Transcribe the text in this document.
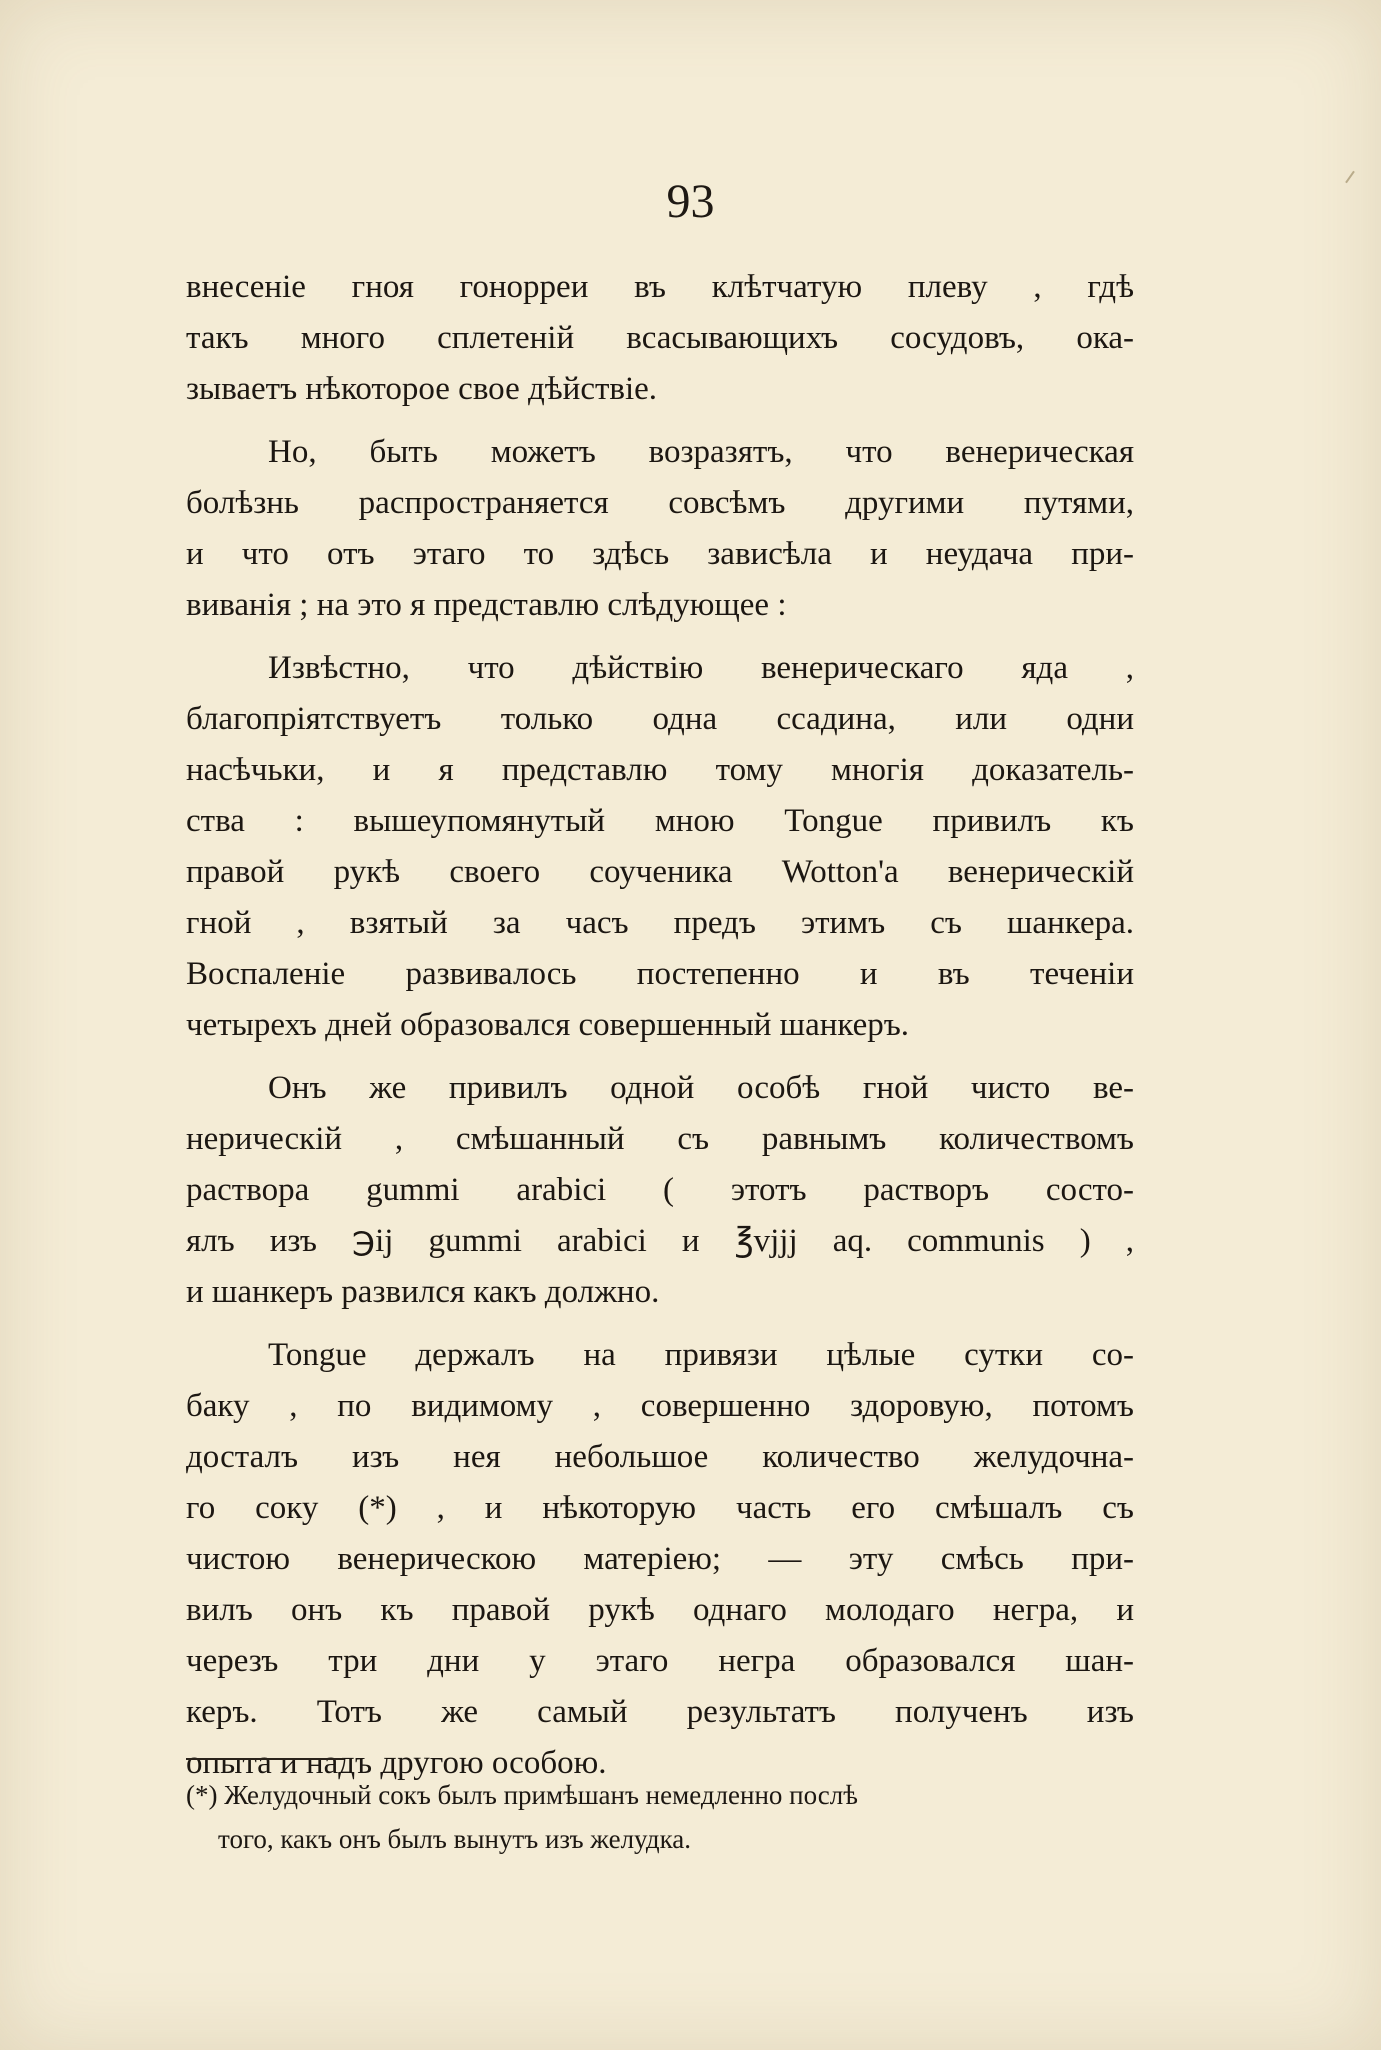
93

внесеніе гноя гонорреи въ клѣтчатую плеву , гдѣ
такъ много сплетеній всасывающихъ сосудовъ, ока-
зываетъ нѣкоторое свое дѣйствіе.

Но, быть можетъ возразятъ, что венерическая
болѣзнь распространяется совсѣмъ другими путями,
и что отъ этаго то здѣсь зависѣла и неудача при-
виванія ; на это я представлю слѣдующее :

Извѣстно, что дѣйствію венерическаго яда ,
благопріятствуетъ только одна ссадина, или одни
насѣчьки, и я представлю тому многія доказатель-
ства : вышеупомянутый мною Tongue привилъ къ
правой рукѣ своего соученика Wotton'а венерическій
гной , взятый за часъ предъ этимъ съ шанкера.
Воспаленіе развивалось постепенно и въ теченіи
четырехъ дней образовался совершенный шанкеръ.

Онъ же привилъ одной особѣ гной чисто ве-
нерическій , смѣшанный съ равнымъ количествомъ
раствора gummi arabici ( этотъ растворъ состо-
ялъ изъ ℈ij gummi arabici и ℥vjjj aq. communis ) ,
и шанкеръ развился какъ должно.

Tongue держалъ на привязи цѣлые сутки со-
баку , по видимому , совершенно здоровую, потомъ
досталъ изъ нея небольшое количество желудочна-
го соку (*) , и нѣкоторую часть его смѣшалъ съ
чистою венерическою матеріею; — эту смѣсь при-
вилъ онъ къ правой рукѣ однаго молодаго негра, и
черезъ три дни у этаго негра образовался шан-
керъ. Тотъ же самый результатъ полученъ изъ
опыта и надъ другою особою.

(*) Желудочный сокъ былъ примѣшанъ немедленно послѣ
того, какъ онъ былъ вынутъ изъ желудка.
